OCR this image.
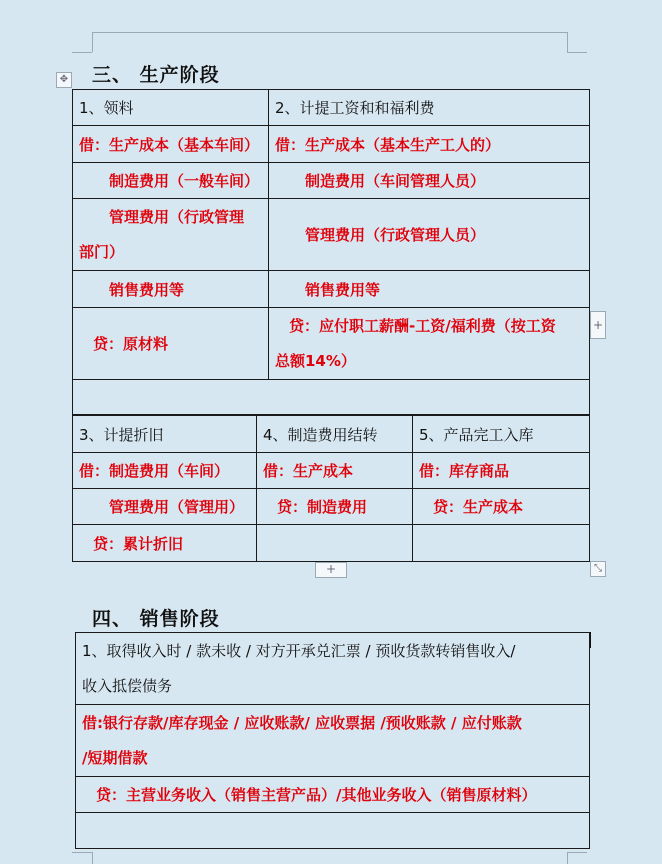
✥ 三、 生产阶段
1、领料	2、计提工资和和福利费
借：生产成本（基本车间）	借：生产成本（基本生产工人的）
制造费用（一般车间）	制造费用（车间管理人员）

管理费用（行政管理
部门）	管理费用（行政管理人员）
销售费用等	销售费用等
贷：原材料	贷：应付职工薪酬-工资/福利费（按工资
总额14%）

+
3、计提折旧	4、制造费用结转	5、产品完工入库
借：制造费用（车间）	借：生产成本	借：库存商品
管理费用（管理用）	贷：制造费用	贷：生产成本
贷：累计折旧		
+	⤡
四、 销售阶段
1、取得收入时 / 款未收 / 对方开承兑汇票 / 预收货款转销售收入/
收入抵偿债务

借:银行存款/库存现金 / 应收账款/ 应收票据 /预收账款 / 应付账款
/短期借款

贷：主营业务收入（销售主营产品）/其他业务收入（销售原材料）
